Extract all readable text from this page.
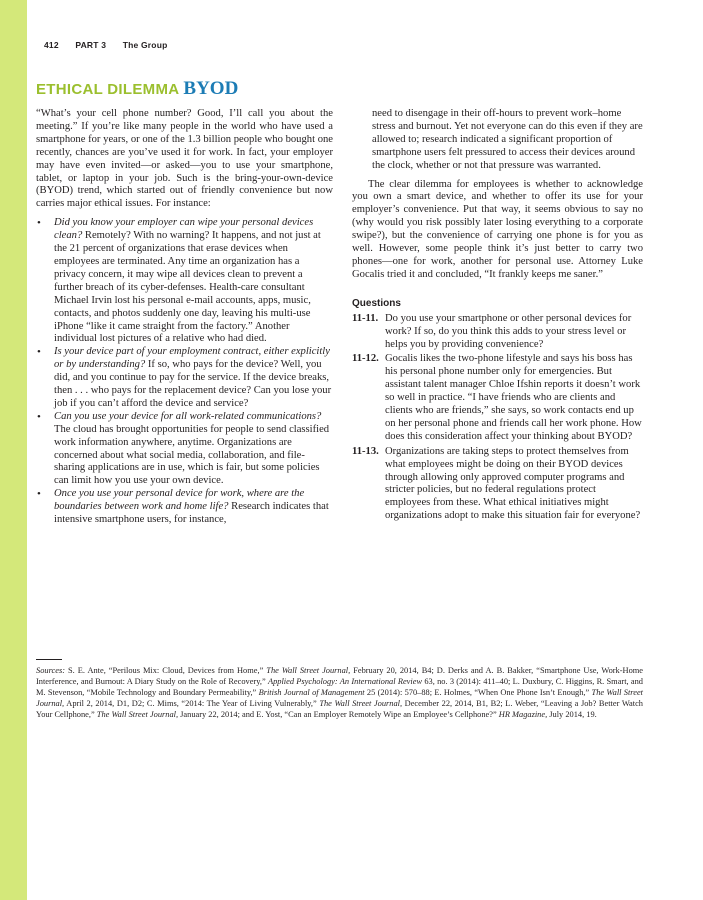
412 PART 3 The Group
ETHICAL DILEMMA BYOD

“What’s your cell phone number? Good, I’ll call you about the meeting.” If you’re like many people in the world who have used a smartphone for years, or one of the 1.3 billion people who bought one recently, chances are you’ve used it for work. In fact, your employer may have even invited—or asked—you to use your smartphone, tablet, or laptop in your job. Such is the bring-your-own-device (BYOD) trend, which started out of friendly convenience but now carries major ethical issues. For instance:

• Did you know your employer can wipe your personal devices clean? Remotely? With no warning? It happens, and not just at the 21 percent of organizations that erase devices when employees are terminated. Any time an organization has a privacy concern, it may wipe all devices clean to prevent a further breach of its cyber-defenses. Health-care consultant Michael Irvin lost his personal e-mail accounts, apps, music, contacts, and photos suddenly one day, leaving his multi-use iPhone “like it came straight from the factory.” Another individual lost pictures of a relative who had died.
• Is your device part of your employment contract, either explicitly or by understanding? If so, who pays for the device? Well, you did, and you continue to pay for the service. If the device breaks, then . . . who pays for the replacement device? Can you lose your job if you can’t afford the device and service?
• Can you use your device for all work-related communications? The cloud has brought opportunities for people to send classified work information anywhere, anytime. Organizations are concerned about what social media, collaboration, and file-sharing applications are in use, which is fair, but some policies can limit how you use your own device.
• Once you use your personal device for work, where are the boundaries between work and home life? Research indicates that intensive smartphone users, for instance,

need to disengage in their off-hours to prevent work–home stress and burnout. Yet not everyone can do this even if they are allowed to; research indicated a significant proportion of smartphone users felt pressured to access their devices around the clock, whether or not that pressure was warranted.

The clear dilemma for employees is whether to acknowledge you own a smart device, and whether to offer its use for your employer’s convenience. Put that way, it seems obvious to say no (why would you risk possibly later losing everything to a corporate swipe?), but the convenience of carrying one phone is for you as well. However, some people think it’s just better to carry two phones—one for work, another for personal use. Attorney Luke Gocalis tried it and concluded, “It frankly keeps me saner.”

Questions
11-11. Do you use your smartphone or other personal devices for work? If so, do you think this adds to your stress level or helps you by providing convenience?
11-12. Gocalis likes the two-phone lifestyle and says his boss has his personal phone number only for emergencies. But assistant talent manager Chloe Ifshin reports it doesn’t work so well in practice. “I have friends who are clients and clients who are friends,” she says, so work contacts end up on her personal phone and friends call her work phone. How does this consideration affect your thinking about BYOD?
11-13. Organizations are taking steps to protect themselves from what employees might be doing on their BYOD devices through allowing only approved computer programs and stricter policies, but no federal regulations protect employees from these. What ethical initiatives might organizations adopt to make this situation fair for everyone?
Sources: S. E. Ante, “Perilous Mix: Cloud, Devices from Home,” The Wall Street Journal, February 20, 2014, B4; D. Derks and A. B. Bakker, “Smartphone Use, Work-Home Interference, and Burnout: A Diary Study on the Role of Recovery,” Applied Psychology: An International Review 63, no. 3 (2014): 411–40; L. Duxbury, C. Higgins, R. Smart, and M. Stevenson, “Mobile Technology and Boundary Permeability,” British Journal of Management 25 (2014): 570–88; E. Holmes, “When One Phone Isn’t Enough,” The Wall Street Journal, April 2, 2014, D1, D2; C. Mims, “2014: The Year of Living Vulnerably,” The Wall Street Journal, December 22, 2014, B1, B2; L. Weber, “Leaving a Job? Better Watch Your Cellphone,” The Wall Street Journal, January 22, 2014; and E. Yost, “Can an Employer Remotely Wipe an Employee’s Cellphone?” HR Magazine, July 2014, 19.
